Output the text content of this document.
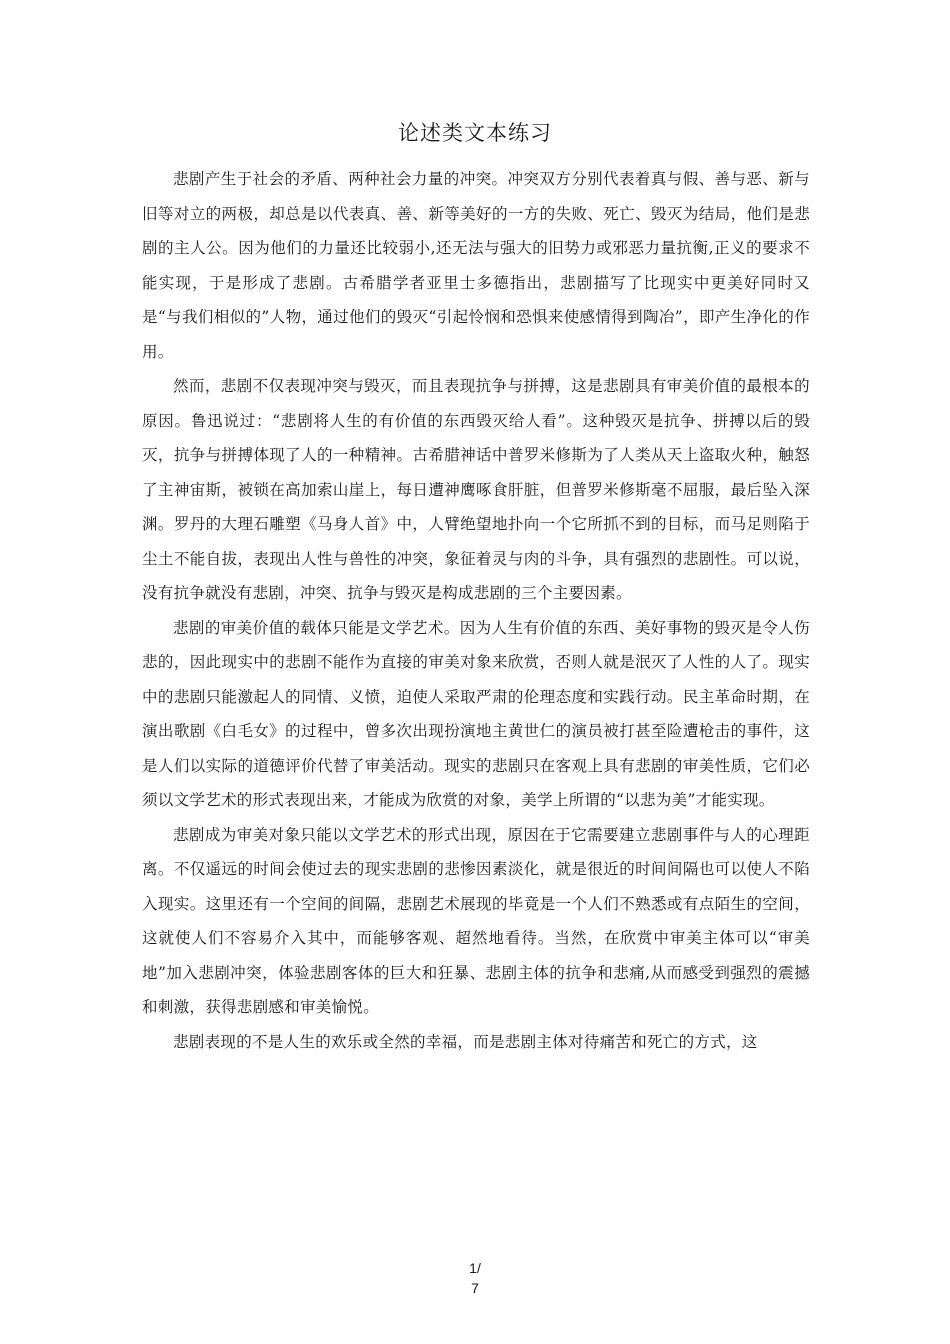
论述类文本练习

悲剧产生于社会的矛盾、两种社会力量的冲突。冲突双方分别代表着真与假、善与恶、新与旧等对立的两极，却总是以代表真、善、新等美好的一方的失败、死亡、毁灭为结局，他们是悲剧的主人公。因为他们的力量还比较弱小,还无法与强大的旧势力或邪恶力量抗衡,正义的要求不能实现，于是形成了悲剧。古希腊学者亚里士多德指出，悲剧描写了比现实中更美好同时又是“与我们相似的”人物，通过他们的毁灭“引起怜悯和恐惧来使感情得到陶冶”，即产生净化的作用。

然而，悲剧不仅表现冲突与毁灭，而且表现抗争与拼搏，这是悲剧具有审美价值的最根本的原因。鲁迅说过：“悲剧将人生的有价值的东西毁灭给人看”。这种毁灭是抗争、拼搏以后的毁灭，抗争与拼搏体现了人的一种精神。古希腊神话中普罗米修斯为了人类从天上盗取火种，触怒了主神宙斯，被锁在高加索山崖上，每日遭神鹰啄食肝脏，但普罗米修斯毫不屈服，最后坠入深渊。罗丹的大理石雕塑《马身人首》中，人臂绝望地扑向一个它所抓不到的目标，而马足则陷于尘土不能自拔，表现出人性与兽性的冲突，象征着灵与肉的斗争，具有强烈的悲剧性。可以说，没有抗争就没有悲剧，冲突、抗争与毁灭是构成悲剧的三个主要因素。

悲剧的审美价值的载体只能是文学艺术。因为人生有价值的东西、美好事物的毁灭是令人伤悲的，因此现实中的悲剧不能作为直接的审美对象来欣赏，否则人就是泯灭了人性的人了。现实中的悲剧只能激起人的同情、义愤，迫使人采取严肃的伦理态度和实践行动。民主革命时期，在演出歌剧《白毛女》的过程中，曾多次出现扮演地主黄世仁的演员被打甚至险遭枪击的事件，这是人们以实际的道德评价代替了审美活动。现实的悲剧只在客观上具有悲剧的审美性质，它们必须以文学艺术的形式表现出来，才能成为欣赏的对象，美学上所谓的“以悲为美”才能实现。

悲剧成为审美对象只能以文学艺术的形式出现，原因在于它需要建立悲剧事件与人的心理距离。不仅遥远的时间会使过去的现实悲剧的悲惨因素淡化，就是很近的时间间隔也可以使人不陷入现实。这里还有一个空间的间隔，悲剧艺术展现的毕竟是一个人们不熟悉或有点陌生的空间，这就使人们不容易介入其中，而能够客观、超然地看待。当然，在欣赏中审美主体可以“审美地”加入悲剧冲突，体验悲剧客体的巨大和狂暴、悲剧主体的抗争和悲痛,从而感受到强烈的震撼和刺激，获得悲剧感和审美愉悦。

悲剧表现的不是人生的欢乐或全然的幸福，而是悲剧主体对待痛苦和死亡的方式，这

1/
7
